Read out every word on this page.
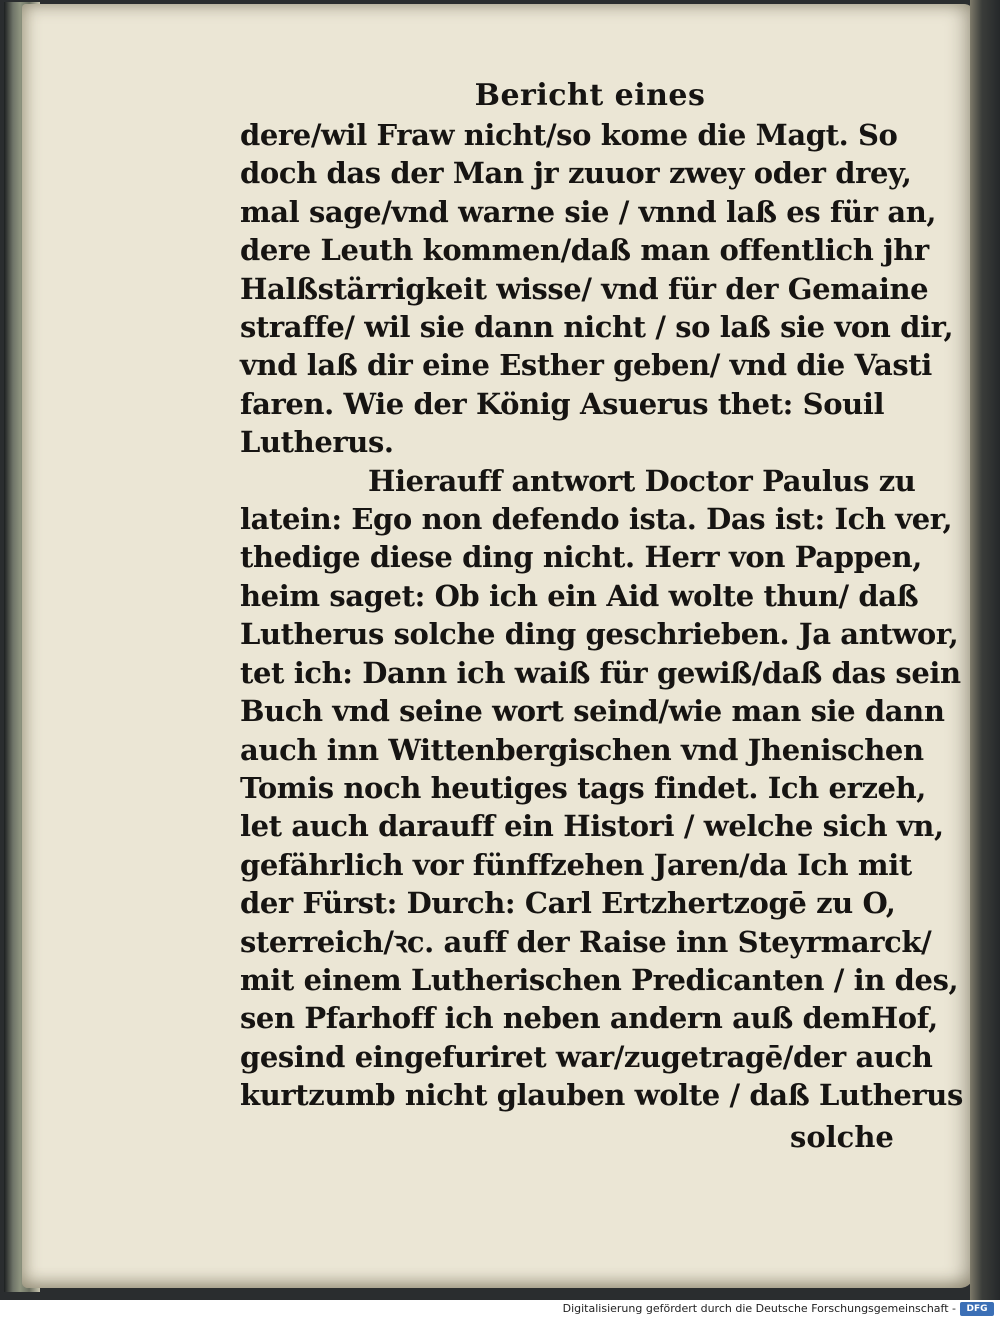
Bericht eines
dere/wil Fraw nicht/so kome die Magt. So
doch das der Man jr zuuor zwey oder drey,
mal sage/vnd warne sie / vnnd laß es für an,
dere Leuth kommen/daß man offentlich jhr
Halßstärrigkeit wisse/ vnd für der Gemaine
straffe/ wil sie dann nicht / so laß sie von dir,
vnd laß dir eine Esther geben/ vnd die Vasti
faren. Wie der König Asuerus thet: Souil
Lutherus.
Hierauff antwort Doctor Paulus zu
latein: Ego non defendo ista. Das ist: Ich ver,
thedige diese ding nicht. Herr von Pappen,
heim saget: Ob ich ein Aid wolte thun/ daß
Lutherus solche ding geschrieben. Ja antwor,
tet ich: Dann ich waiß für gewiß/daß das sein
Buch vnd seine wort seind/wie man sie dann
auch inn Wittenbergischen vnd Jhenischen
Tomis noch heutiges tags findet. Ich erzeh,
let auch darauff ein Histori / welche sich vn,
gefährlich vor fünffzehen Jaren/da Ich mit
der Fürst: Durch: Carl Ertzhertzogē zu O,
sterreich/ꝛc. auff der Raise inn Steyrmarck/
mit einem Lutherischen Predicanten / in des,
sen Pfarhoff ich neben andern auß demHof,
gesind eingefuriret war/zugetragē/der auch
kurtzumb nicht glauben wolte / daß Lutherus
solche
Digitalisierung gefördert durch die Deutsche Forschungsgemeinschaft -	DFG
